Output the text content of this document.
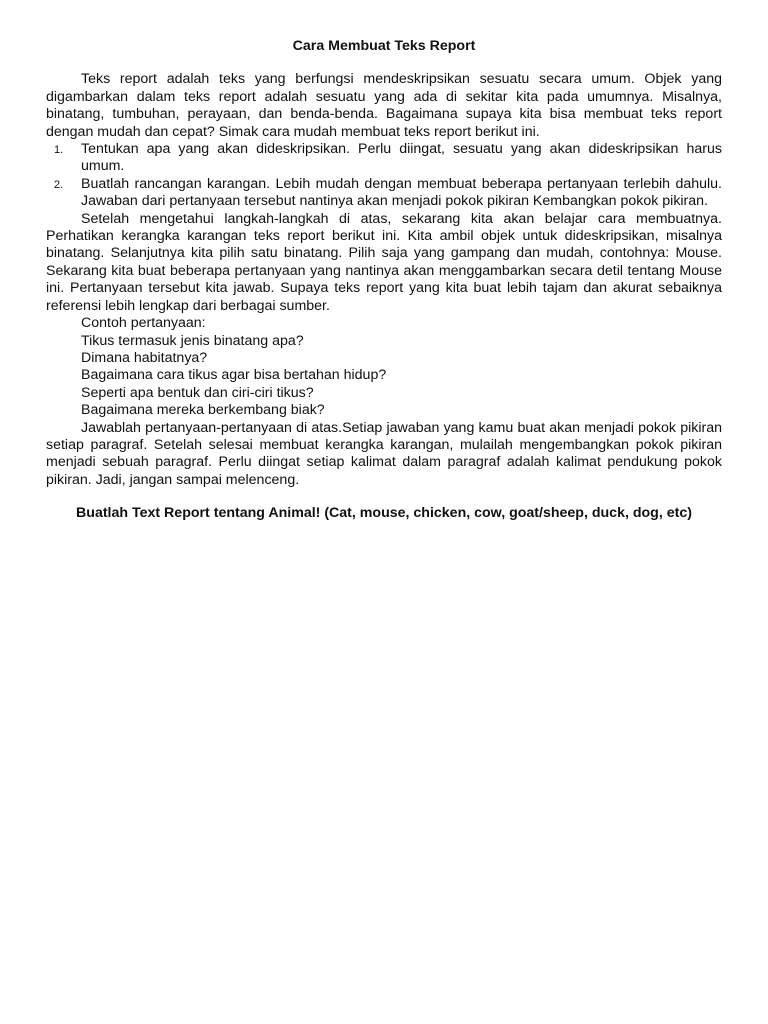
Cara Membuat Teks Report

Teks report adalah teks yang berfungsi mendeskripsikan sesuatu secara umum. Objek yang digambarkan dalam teks report adalah sesuatu yang ada di sekitar kita pada umumnya. Misalnya, binatang, tumbuhan, perayaan, dan benda-benda. Bagaimana supaya kita bisa membuat teks report dengan mudah dan cepat? Simak cara mudah membuat teks report berikut ini.

1. Tentukan apa yang akan dideskripsikan. Perlu diingat, sesuatu yang akan dideskripsikan harus umum.
2. Buatlah rancangan karangan. Lebih mudah dengan membuat beberapa pertanyaan terlebih dahulu. Jawaban dari pertanyaan tersebut nantinya akan menjadi pokok pikiran Kembangkan pokok pikiran.

Setelah mengetahui langkah-langkah di atas, sekarang kita akan belajar cara membuatnya. Perhatikan kerangka karangan teks report berikut ini. Kita ambil objek untuk dideskripsikan, misalnya binatang. Selanjutnya kita pilih satu binatang. Pilih saja yang gampang dan mudah, contohnya: Mouse. Sekarang kita buat beberapa pertanyaan yang nantinya akan menggambarkan secara detil tentang Mouse ini. Pertanyaan tersebut kita jawab. Supaya teks report yang kita buat lebih tajam dan akurat sebaiknya referensi lebih lengkap dari berbagai sumber.

Contoh pertanyaan:

Tikus termasuk jenis binatang apa?

Dimana habitatnya?

Bagaimana cara tikus agar bisa bertahan hidup?

Seperti apa bentuk dan ciri-ciri tikus?

Bagaimana mereka berkembang biak?

Jawablah pertanyaan-pertanyaan di atas.Setiap jawaban yang kamu buat akan menjadi pokok pikiran setiap paragraf. Setelah selesai membuat kerangka karangan, mulailah mengembangkan pokok pikiran menjadi sebuah paragraf. Perlu diingat setiap kalimat dalam paragraf adalah kalimat pendukung pokok pikiran. Jadi, jangan sampai melenceng.

Buatlah Text Report tentang Animal! (Cat, mouse, chicken, cow, goat/sheep, duck, dog, etc)
